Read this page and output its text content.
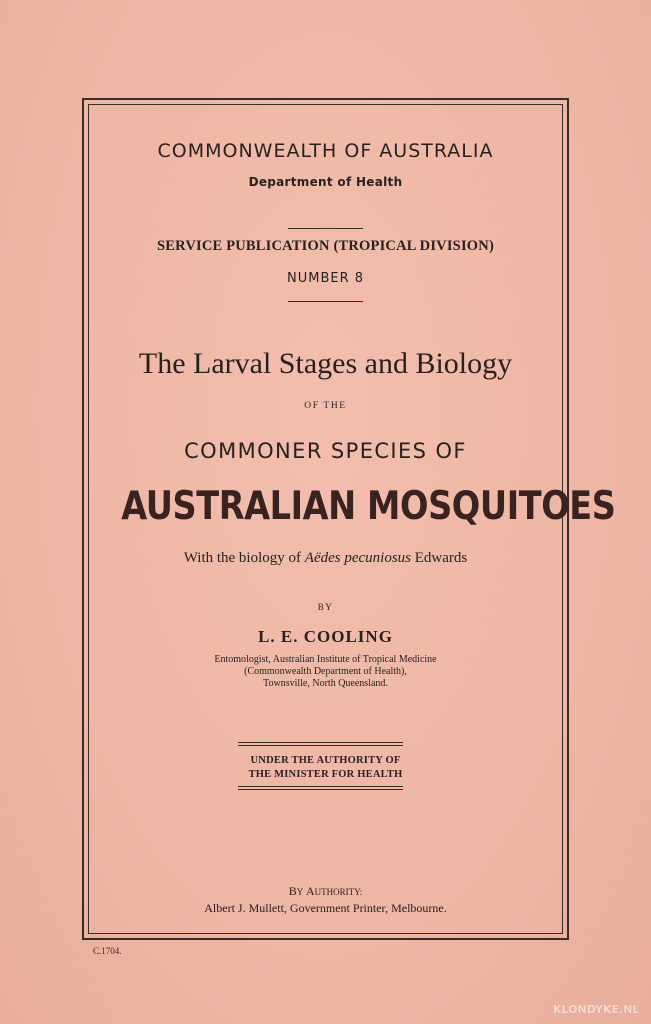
COMMONWEALTH OF AUSTRALIA
Department of Health
SERVICE PUBLICATION (TROPICAL DIVISION)
NUMBER 8
The Larval Stages and Biology
OF THE
COMMONER SPECIES OF
AUSTRALIAN MOSQUITOES
With the biology of Aëdes pecuniosus Edwards
BY
L. E. COOLING
Entomologist, Australian Institute of Tropical Medicine
(Commonwealth Department of Health),
Townsville, North Queensland.
UNDER THE AUTHORITY OF
THE MINISTER FOR HEALTH
BY AUTHORITY:
Albert J. Mullett, Government Printer, Melbourne.
C.1704.
KLONDYKE.NL
